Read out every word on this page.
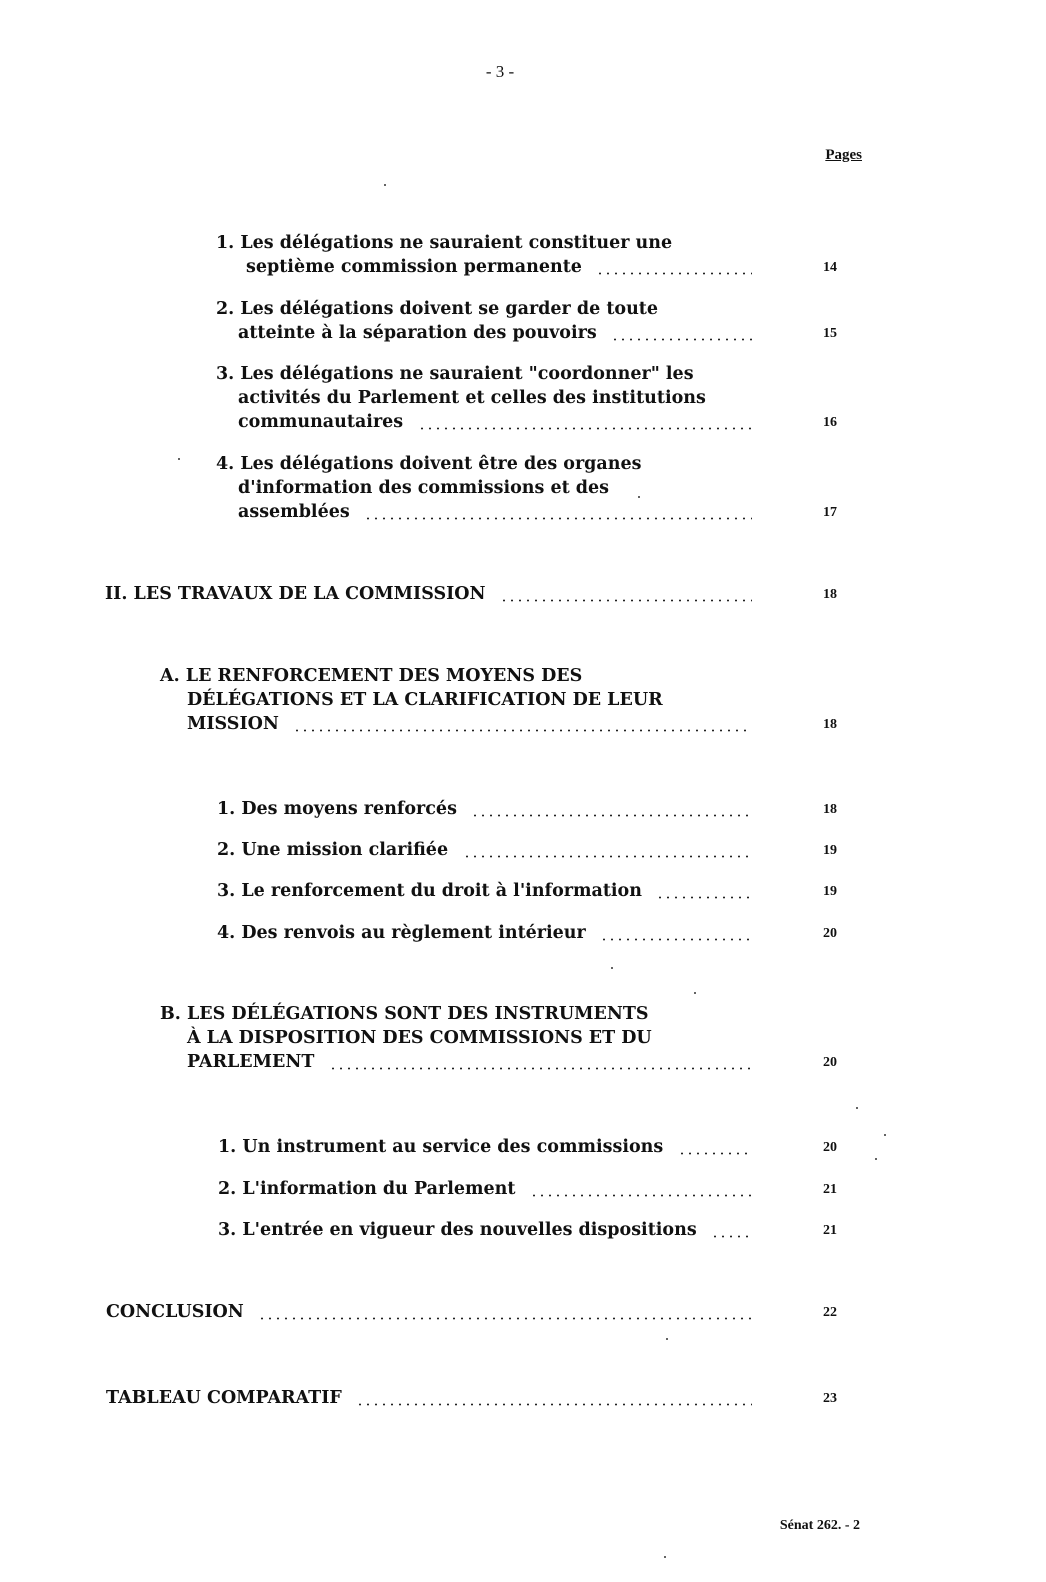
- 3 -
Pages
1. Les délégations ne sauraient constituer une
septième commission permanente	14
2. Les délégations doivent se garder de toute
atteinte à la séparation des pouvoirs	15
3. Les délégations ne sauraient "coordonner" les
activités du Parlement et celles des institutions
communautaires	16
4. Les délégations doivent être des organes
d'information des commissions et des
assemblées	17
II. LES TRAVAUX DE LA COMMISSION	18
A. LE RENFORCEMENT DES MOYENS DES
DÉLÉGATIONS ET LA CLARIFICATION DE LEUR
MISSION	18
1. Des moyens renforcés	18
2. Une mission clarifiée	19
3. Le renforcement du droit à l'information	19
4. Des renvois au règlement intérieur	20
B. LES DÉLÉGATIONS SONT DES INSTRUMENTS
À LA DISPOSITION DES COMMISSIONS ET DU
PARLEMENT	20
1. Un instrument au service des commissions	20
2. L'information du Parlement	21
3. L'entrée en vigueur des nouvelles dispositions	21
CONCLUSION	22
TABLEAU COMPARATIF	23
Sénat 262. - 2
